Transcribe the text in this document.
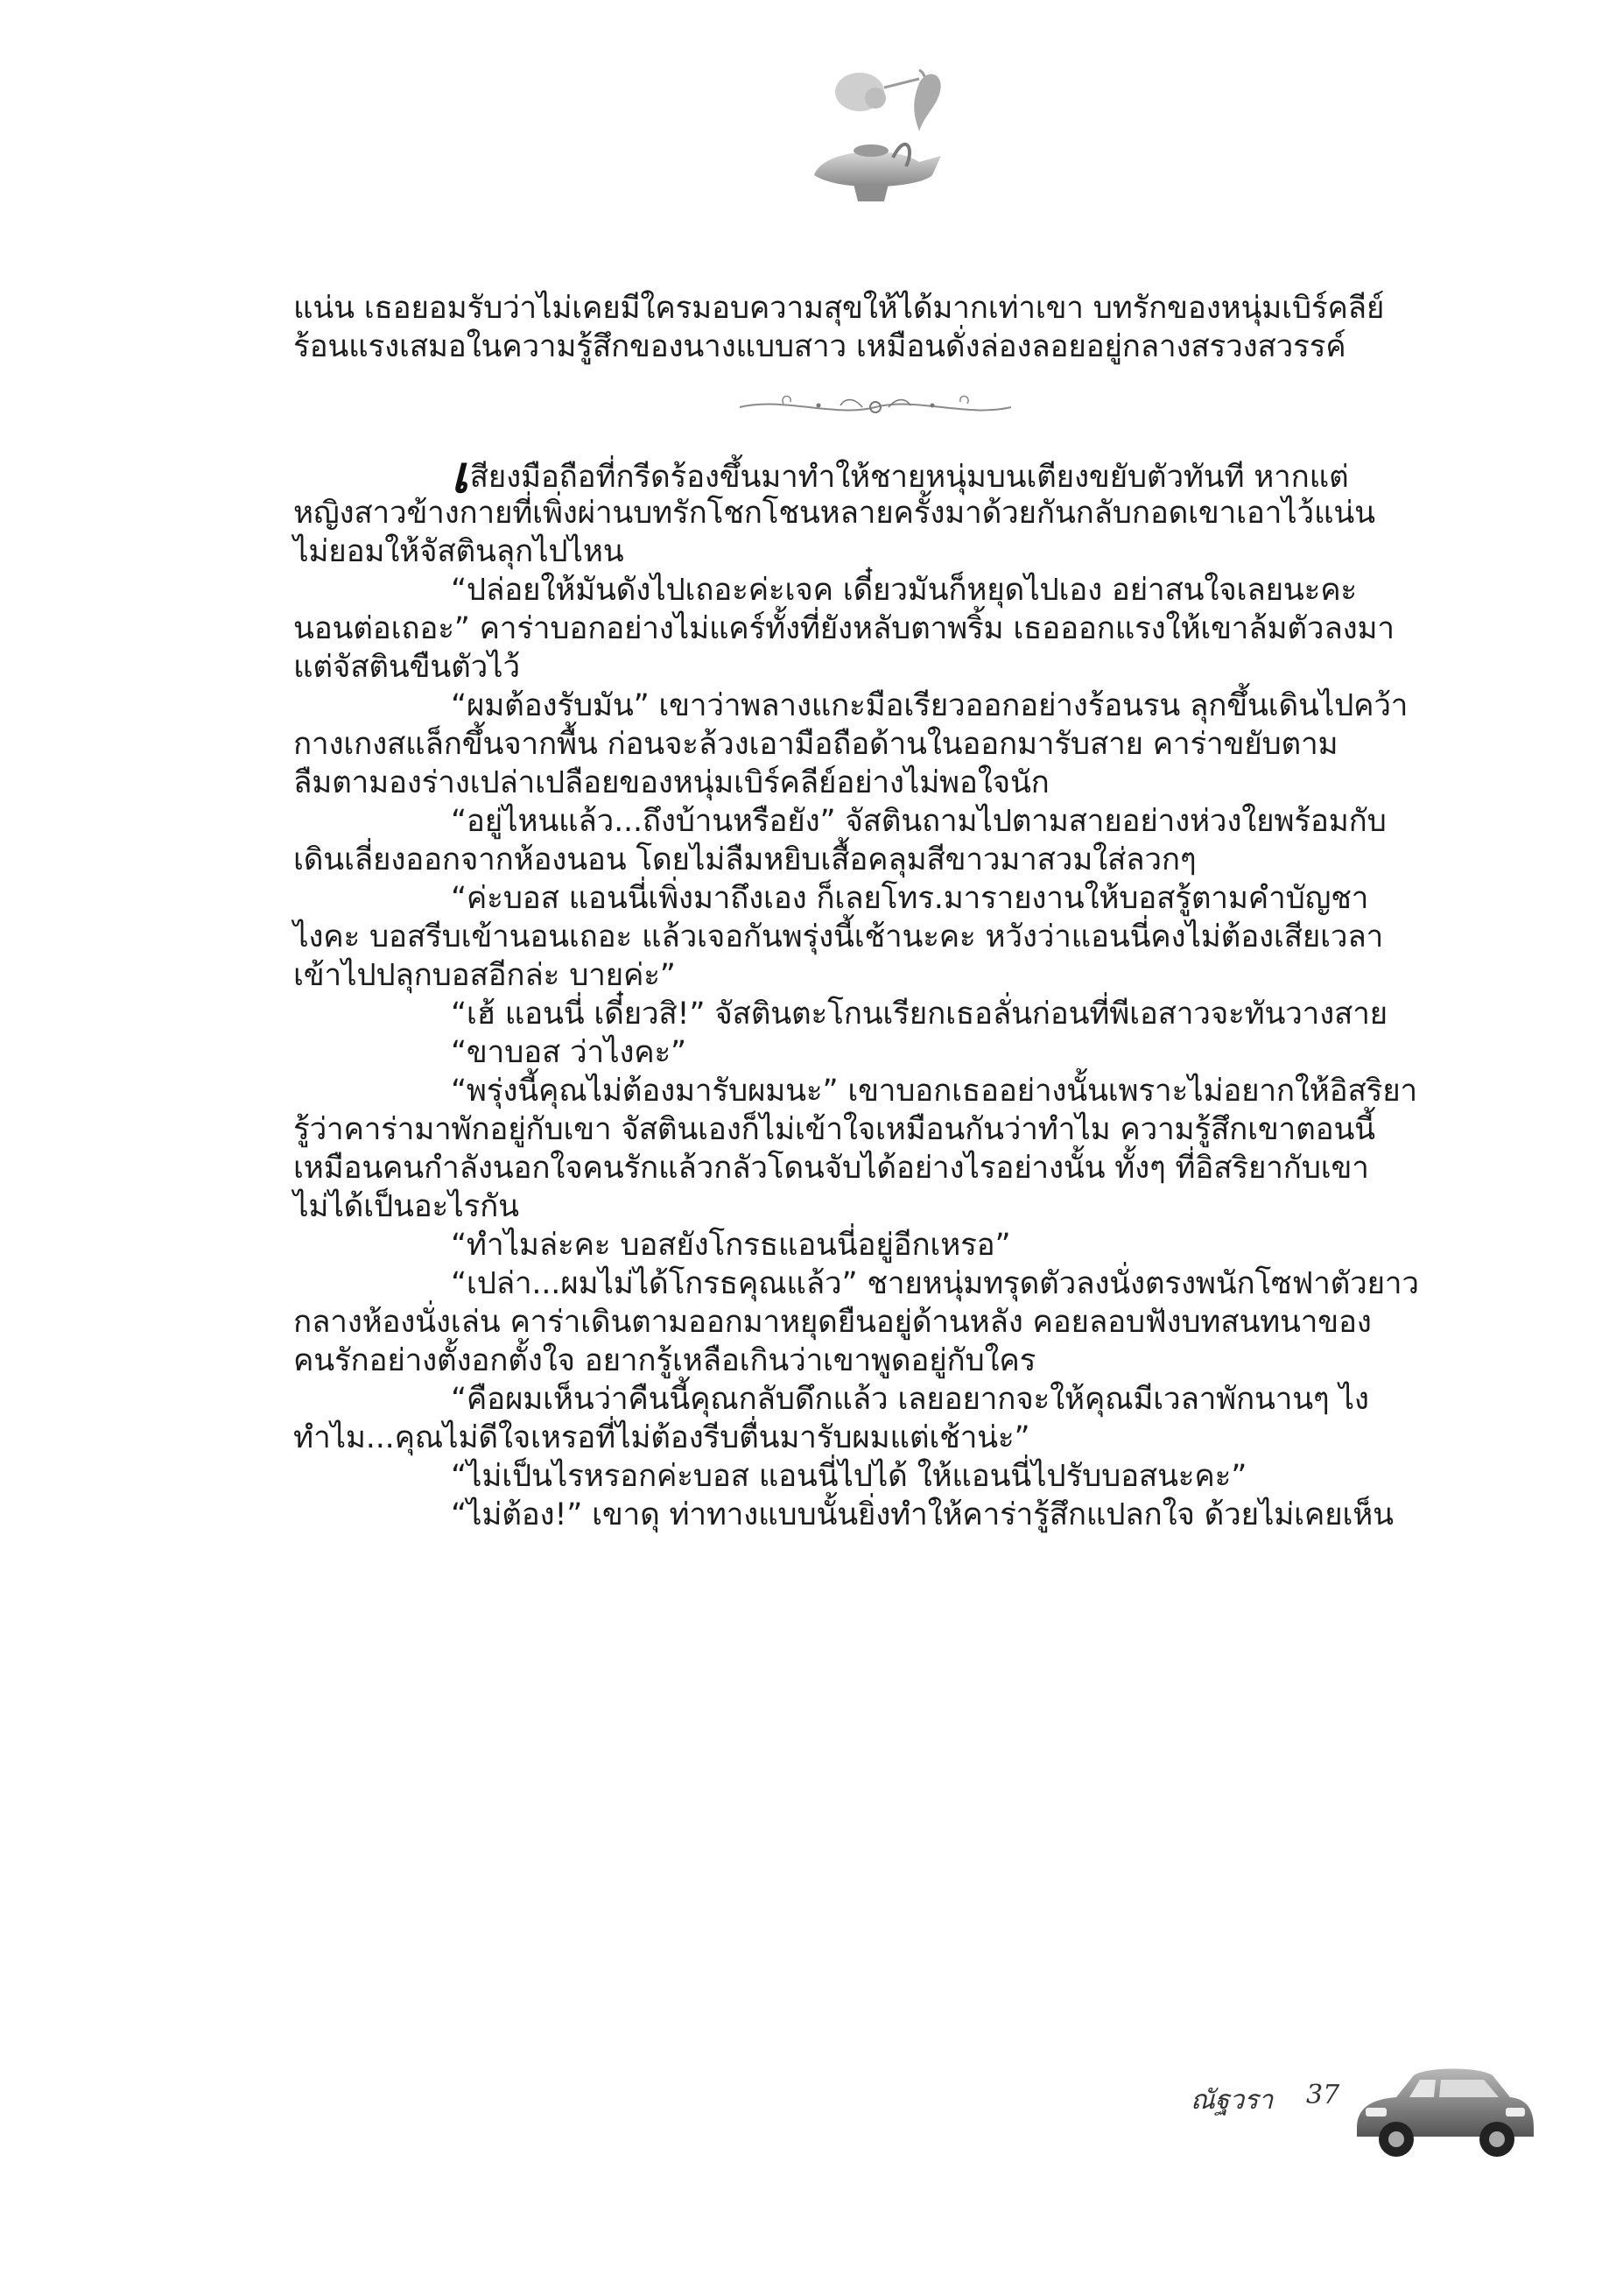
แน่น เธอยอมรับว่าไม่เคยมีใครมอบความสุขให้ได้มากเท่าเขา บทรักของหนุ่มเบิร์คลีย์

ร้อนแรงเสมอในความรู้สึกของนางแบบสาว เหมือนดั่งล่องลอยอยู่กลางสรวงสวรรค์

เสียงมือถือที่กรีดร้องขึ้นมาทำให้ชายหนุ่มบนเตียงขยับตัวทันที หากแต่

หญิงสาวข้างกายที่เพิ่งผ่านบทรักโชกโชนหลายครั้งมาด้วยกันกลับกอดเขาเอาไว้แน่น

ไม่ยอมให้จัสตินลุกไปไหน

“ปล่อยให้มันดังไปเถอะค่ะเจค เดี๋ยวมันก็หยุดไปเอง อย่าสนใจเลยนะคะ

นอนต่อเถอะ” คาร่าบอกอย่างไม่แคร์ทั้งที่ยังหลับตาพริ้ม เธอออกแรงให้เขาล้มตัวลงมา

แต่จัสตินขืนตัวไว้

“ผมต้องรับมัน” เขาว่าพลางแกะมือเรียวออกอย่างร้อนรน ลุกขึ้นเดินไปคว้า

กางเกงสแล็กขึ้นจากพื้น ก่อนจะล้วงเอามือถือด้านในออกมารับสาย คาร่าขยับตาม

ลืมตามองร่างเปล่าเปลือยของหนุ่มเบิร์คลีย์อย่างไม่พอใจนัก

“อยู่ไหนแล้ว...ถึงบ้านหรือยัง” จัสตินถามไปตามสายอย่างห่วงใยพร้อมกับ

เดินเลี่ยงออกจากห้องนอน โดยไม่ลืมหยิบเสื้อคลุมสีขาวมาสวมใส่ลวกๆ

“ค่ะบอส แอนนี่เพิ่งมาถึงเอง ก็เลยโทร.มารายงานให้บอสรู้ตามคำบัญชา

ไงคะ บอสรีบเข้านอนเถอะ แล้วเจอกันพรุ่งนี้เช้านะคะ หวังว่าแอนนี่คงไม่ต้องเสียเวลา

เข้าไปปลุกบอสอีกล่ะ บายค่ะ”

“เฮ้ แอนนี่ เดี๋ยวสิ!” จัสตินตะโกนเรียกเธอลั่นก่อนที่พีเอสาวจะทันวางสาย

“ขาบอส ว่าไงคะ”

“พรุ่งนี้คุณไม่ต้องมารับผมนะ” เขาบอกเธออย่างนั้นเพราะไม่อยากให้อิสริยา

รู้ว่าคาร่ามาพักอยู่กับเขา จัสตินเองก็ไม่เข้าใจเหมือนกันว่าทำไม ความรู้สึกเขาตอนนี้

เหมือนคนกำลังนอกใจคนรักแล้วกลัวโดนจับได้อย่างไรอย่างนั้น ทั้งๆ ที่อิสริยากับเขา

ไม่ได้เป็นอะไรกัน

“ทำไมล่ะคะ บอสยังโกรธแอนนี่อยู่อีกเหรอ”

“เปล่า...ผมไม่ได้โกรธคุณแล้ว” ชายหนุ่มทรุดตัวลงนั่งตรงพนักโซฟาตัวยาว

กลางห้องนั่งเล่น คาร่าเดินตามออกมาหยุดยืนอยู่ด้านหลัง คอยลอบฟังบทสนทนาของ

คนรักอย่างตั้งอกตั้งใจ อยากรู้เหลือเกินว่าเขาพูดอยู่กับใคร

“คือผมเห็นว่าคืนนี้คุณกลับดึกแล้ว เลยอยากจะให้คุณมีเวลาพักนานๆ ไง

ทำไม...คุณไม่ดีใจเหรอที่ไม่ต้องรีบตื่นมารับผมแต่เช้าน่ะ”

“ไม่เป็นไรหรอกค่ะบอส แอนนี่ไปได้ ให้แอนนี่ไปรับบอสนะคะ”

“ไม่ต้อง!” เขาดุ ท่าทางแบบนั้นยิ่งทำให้คาร่ารู้สึกแปลกใจ ด้วยไม่เคยเห็น

ณัฐวรา 37
